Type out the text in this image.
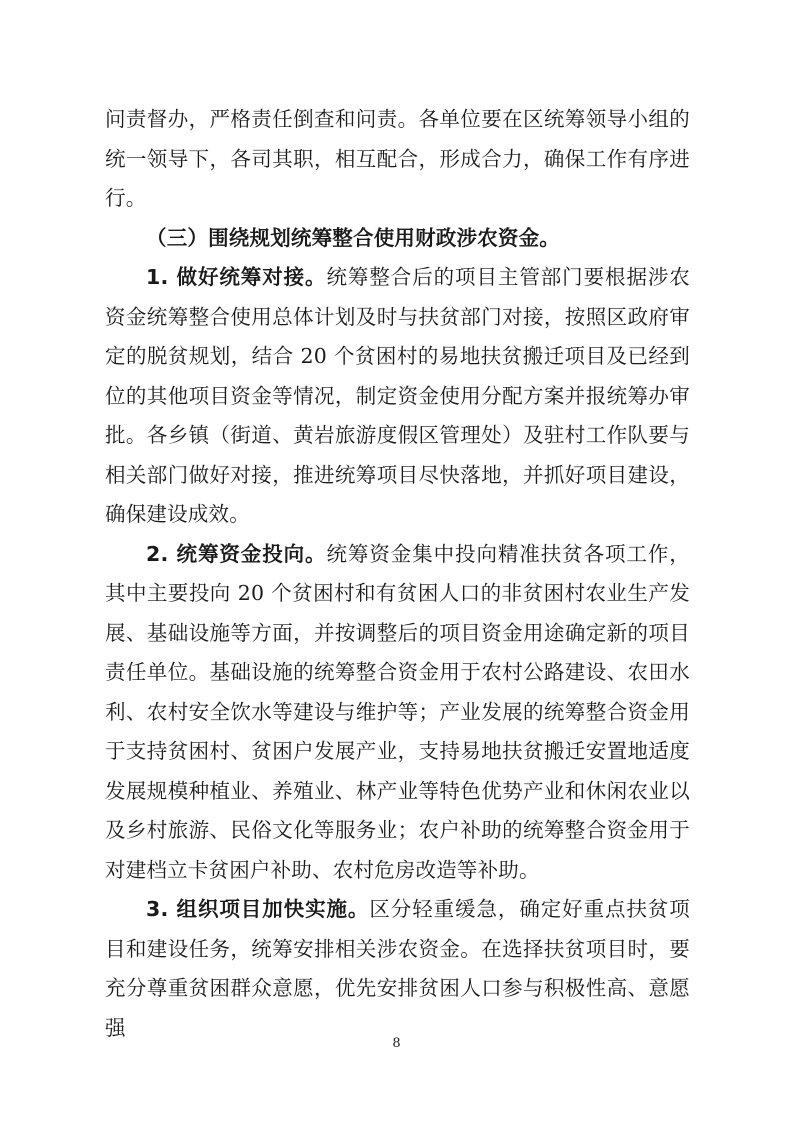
问责督办，严格责任倒查和问责。各单位要在区统筹领导小组的统一领导下，各司其职，相互配合，形成合力，确保工作有序进行。

（三）围绕规划统筹整合使用财政涉农资金。

1. 做好统筹对接。统筹整合后的项目主管部门要根据涉农资金统筹整合使用总体计划及时与扶贫部门对接，按照区政府审定的脱贫规划，结合 20 个贫困村的易地扶贫搬迁项目及已经到位的其他项目资金等情况，制定资金使用分配方案并报统筹办审批。各乡镇（街道、黄岩旅游度假区管理处）及驻村工作队要与相关部门做好对接，推进统筹项目尽快落地，并抓好项目建设，确保建设成效。

2. 统筹资金投向。统筹资金集中投向精准扶贫各项工作，其中主要投向 20 个贫困村和有贫困人口的非贫困村农业生产发展、基础设施等方面，并按调整后的项目资金用途确定新的项目责任单位。基础设施的统筹整合资金用于农村公路建设、农田水利、农村安全饮水等建设与维护等；产业发展的统筹整合资金用于支持贫困村、贫困户发展产业，支持易地扶贫搬迁安置地适度发展规模种植业、养殖业、林产业等特色优势产业和休闲农业以及乡村旅游、民俗文化等服务业；农户补助的统筹整合资金用于对建档立卡贫困户补助、农村危房改造等补助。

3. 组织项目加快实施。区分轻重缓急，确定好重点扶贫项目和建设任务，统筹安排相关涉农资金。在选择扶贫项目时，要充分尊重贫困群众意愿，优先安排贫困人口参与积极性高、意愿强

8
